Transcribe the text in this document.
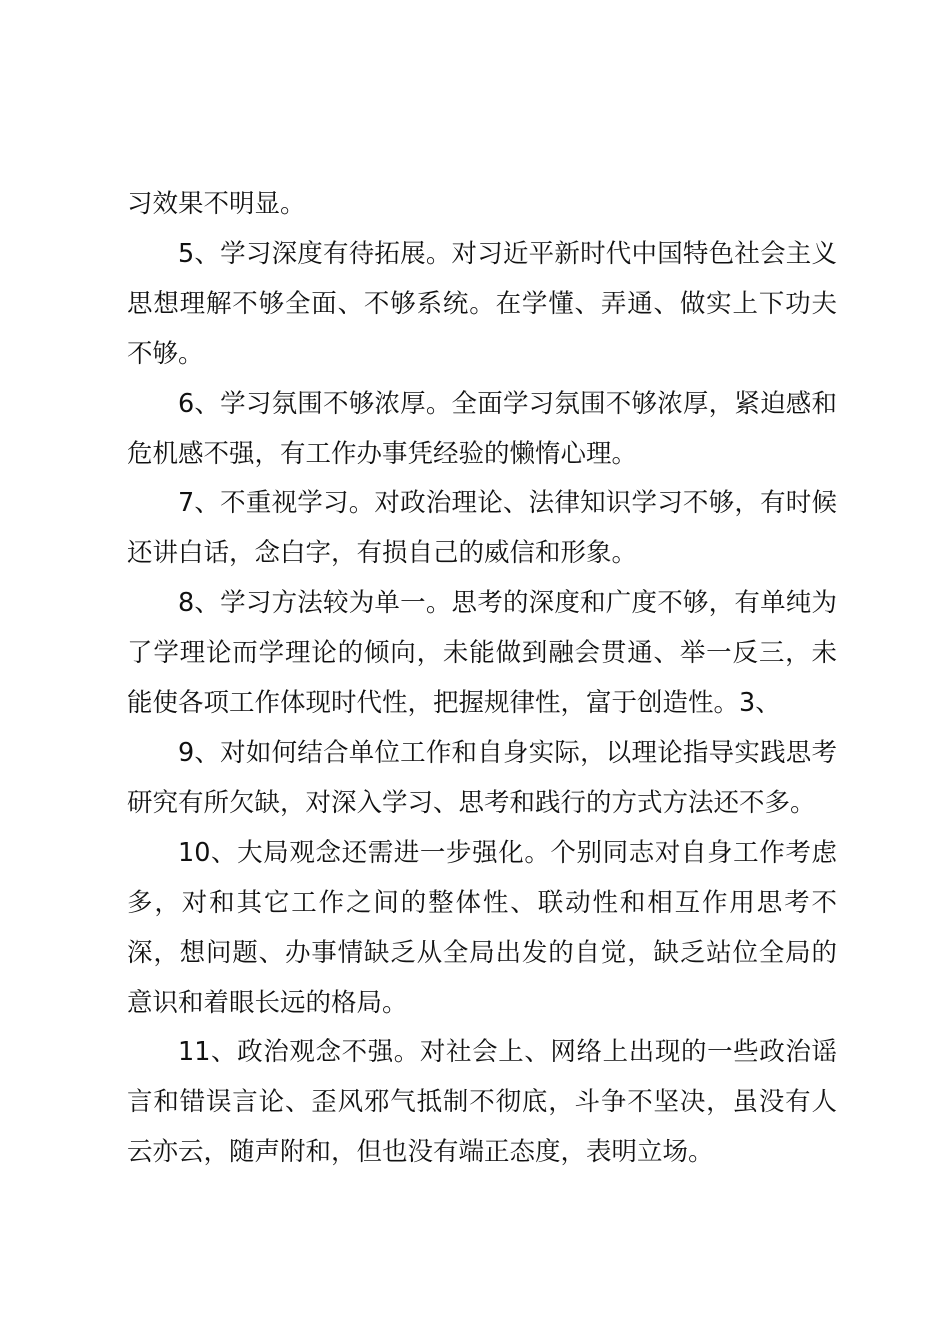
习效果不明显。

5、学习深度有待拓展。对习近平新时代中国特色社会主义思想理解不够全面、不够系统。在学懂、弄通、做实上下功夫不够。

6、学习氛围不够浓厚。全面学习氛围不够浓厚，紧迫感和危机感不强，有工作办事凭经验的懒惰心理。

7、不重视学习。对政治理论、法律知识学习不够，有时候还讲白话，念白字，有损自己的威信和形象。

8、学习方法较为单一。思考的深度和广度不够，有单纯为了学理论而学理论的倾向，未能做到融会贯通、举一反三，未能使各项工作体现时代性，把握规律性，富于创造性。3、

9、对如何结合单位工作和自身实际，以理论指导实践思考研究有所欠缺，对深入学习、思考和践行的方式方法还不多。

10、大局观念还需进一步强化。个别同志对自身工作考虑多，对和其它工作之间的整体性、联动性和相互作用思考不深，想问题、办事情缺乏从全局出发的自觉，缺乏站位全局的意识和着眼长远的格局。

11、政治观念不强。对社会上、网络上出现的一些政治谣言和错误言论、歪风邪气抵制不彻底，斗争不坚决，虽没有人云亦云，随声附和，但也没有端正态度，表明立场。
